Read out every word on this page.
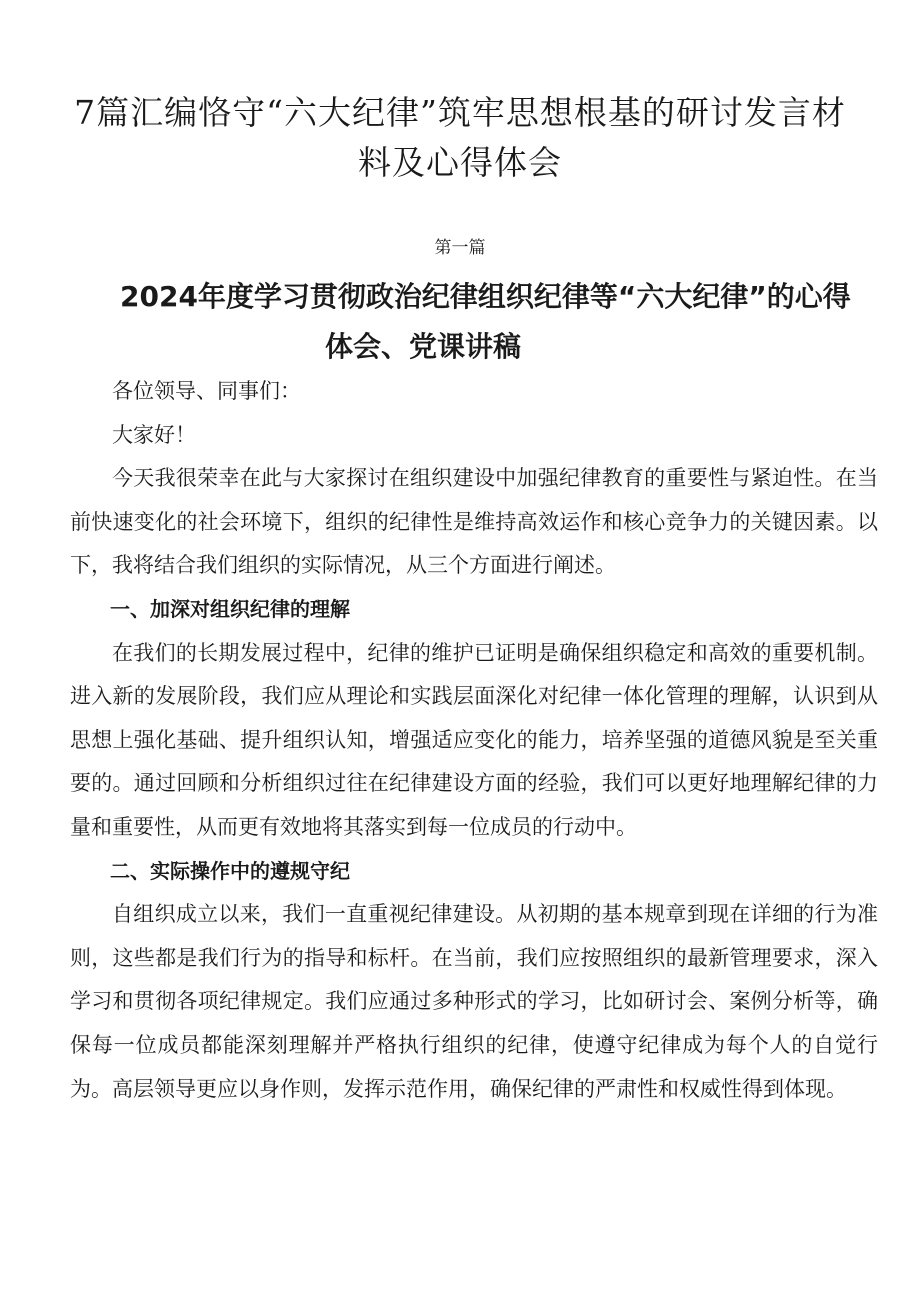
7篇汇编恪守“六大纪律”筑牢思想根基的研讨发言材料及心得体会

第一篇

2024年度学习贯彻政治纪律组织纪律等“六大纪律”的心得
体会、党课讲稿

各位领导、同事们：

大家好！

今天我很荣幸在此与大家探讨在组织建设中加强纪律教育的重要性与紧迫性。在当前快速变化的社会环境下，组织的纪律性是维持高效运作和核心竞争力的关键因素。以下，我将结合我们组织的实际情况，从三个方面进行阐述。

一、加深对组织纪律的理解

在我们的长期发展过程中，纪律的维护已证明是确保组织稳定和高效的重要机制。进入新的发展阶段，我们应从理论和实践层面深化对纪律一体化管理的理解，认识到从思想上强化基础、提升组织认知，增强适应变化的能力，培养坚强的道德风貌是至关重要的。通过回顾和分析组织过往在纪律建设方面的经验，我们可以更好地理解纪律的力量和重要性，从而更有效地将其落实到每一位成员的行动中。

二、实际操作中的遵规守纪

自组织成立以来，我们一直重视纪律建设。从初期的基本规章到现在详细的行为准则，这些都是我们行为的指导和标杆。在当前，我们应按照组织的最新管理要求，深入学习和贯彻各项纪律规定。我们应通过多种形式的学习，比如研讨会、案例分析等，确保每一位成员都能深刻理解并严格执行组织的纪律，使遵守纪律成为每个人的自觉行为。高层领导更应以身作则，发挥示范作用，确保纪律的严肃性和权威性得到体现。
